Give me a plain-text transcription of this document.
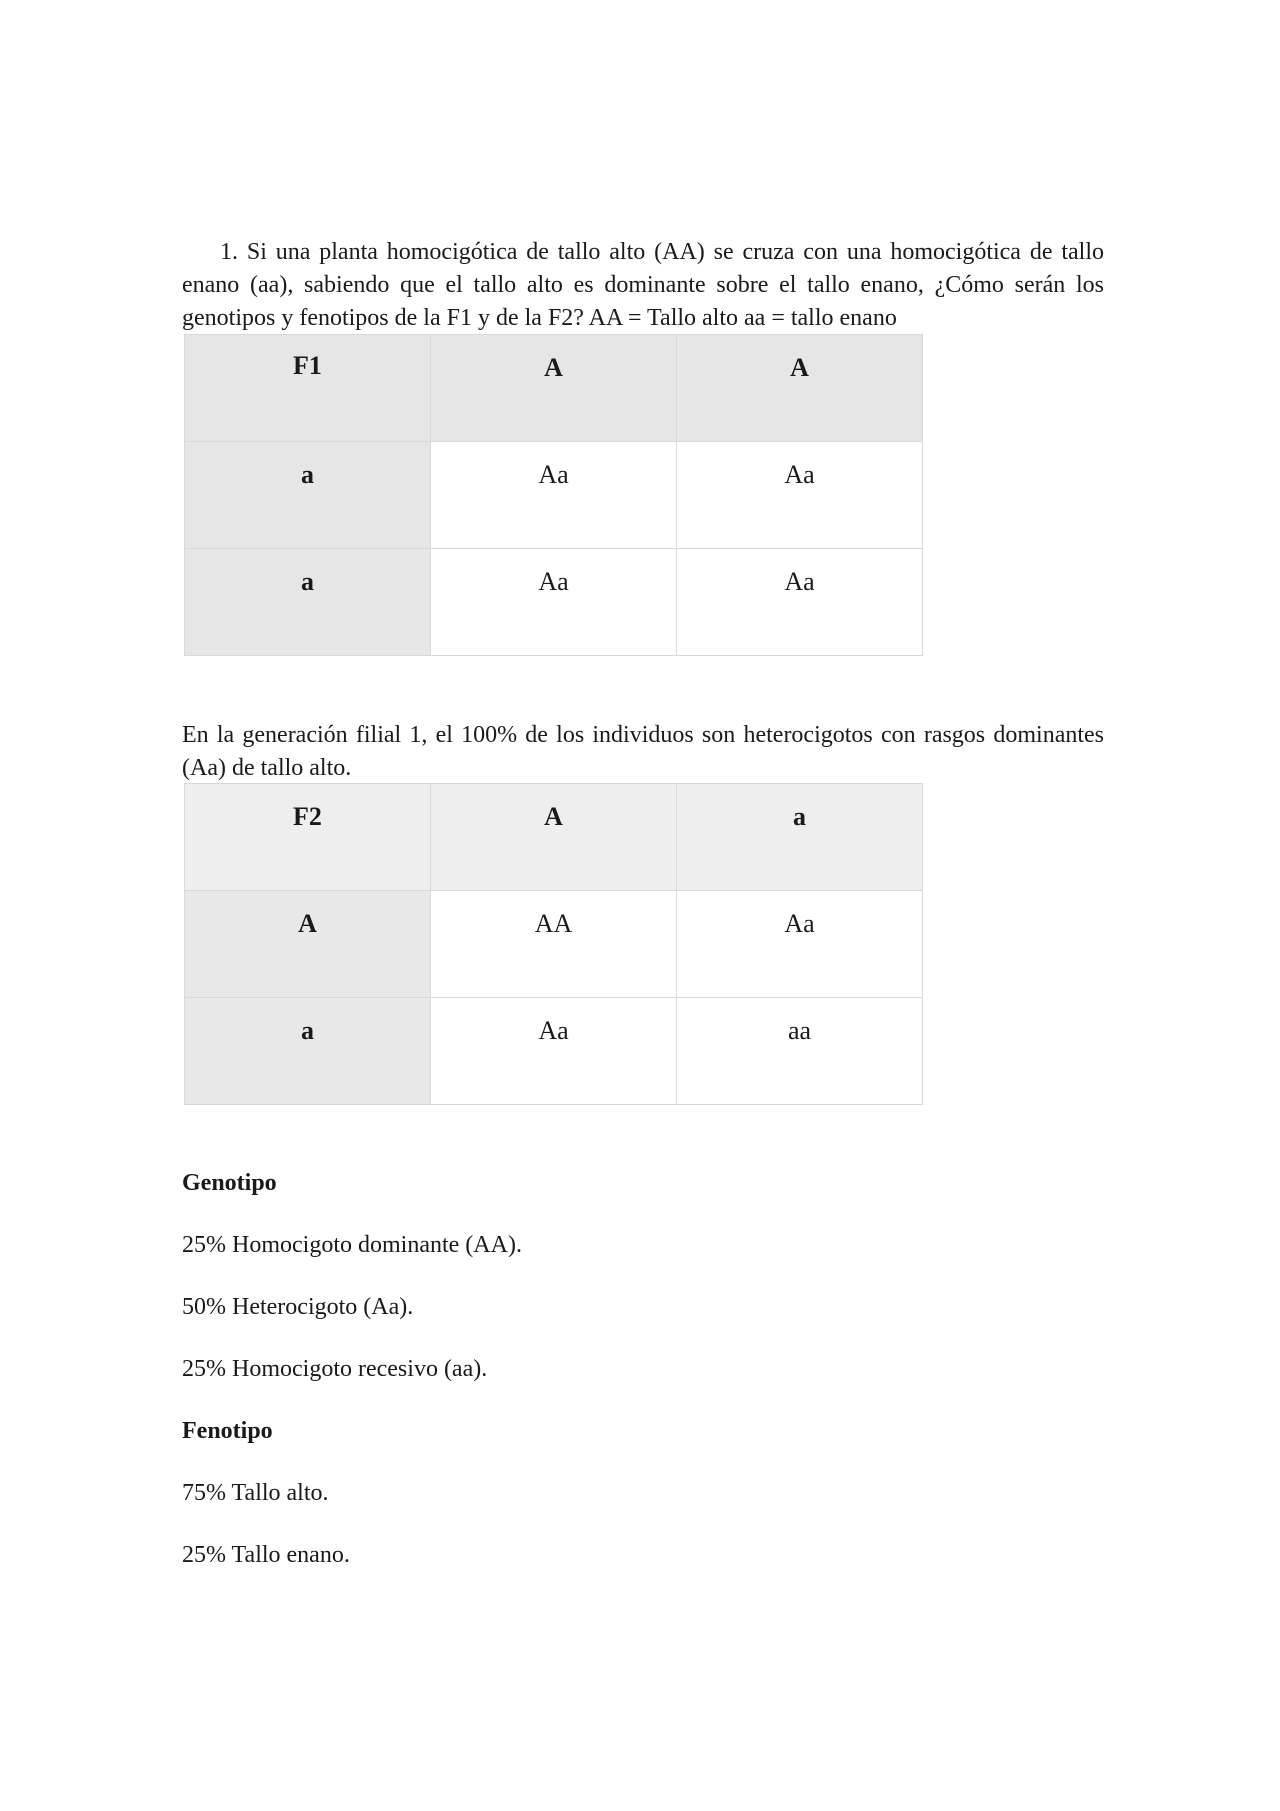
1. Si una planta homocigótica de tallo alto (AA) se cruza con una homocigótica de tallo enano (aa), sabiendo que el tallo alto es dominante sobre el tallo enano, ¿Cómo serán los genotipos y fenotipos de la F1 y de la F2? AA = Tallo alto aa = tallo enano

F1	A	A
a	Aa	Aa
a	Aa	Aa

En la generación filial 1, el 100% de los individuos son heterocigotos con rasgos dominantes (Aa) de tallo alto.

F2	A	a
A	AA	Aa
a	Aa	aa

Genotipo

25% Homocigoto dominante (AA).

50% Heterocigoto (Aa).

25% Homocigoto recesivo (aa).

Fenotipo

75% Tallo alto.

25% Tallo enano.
